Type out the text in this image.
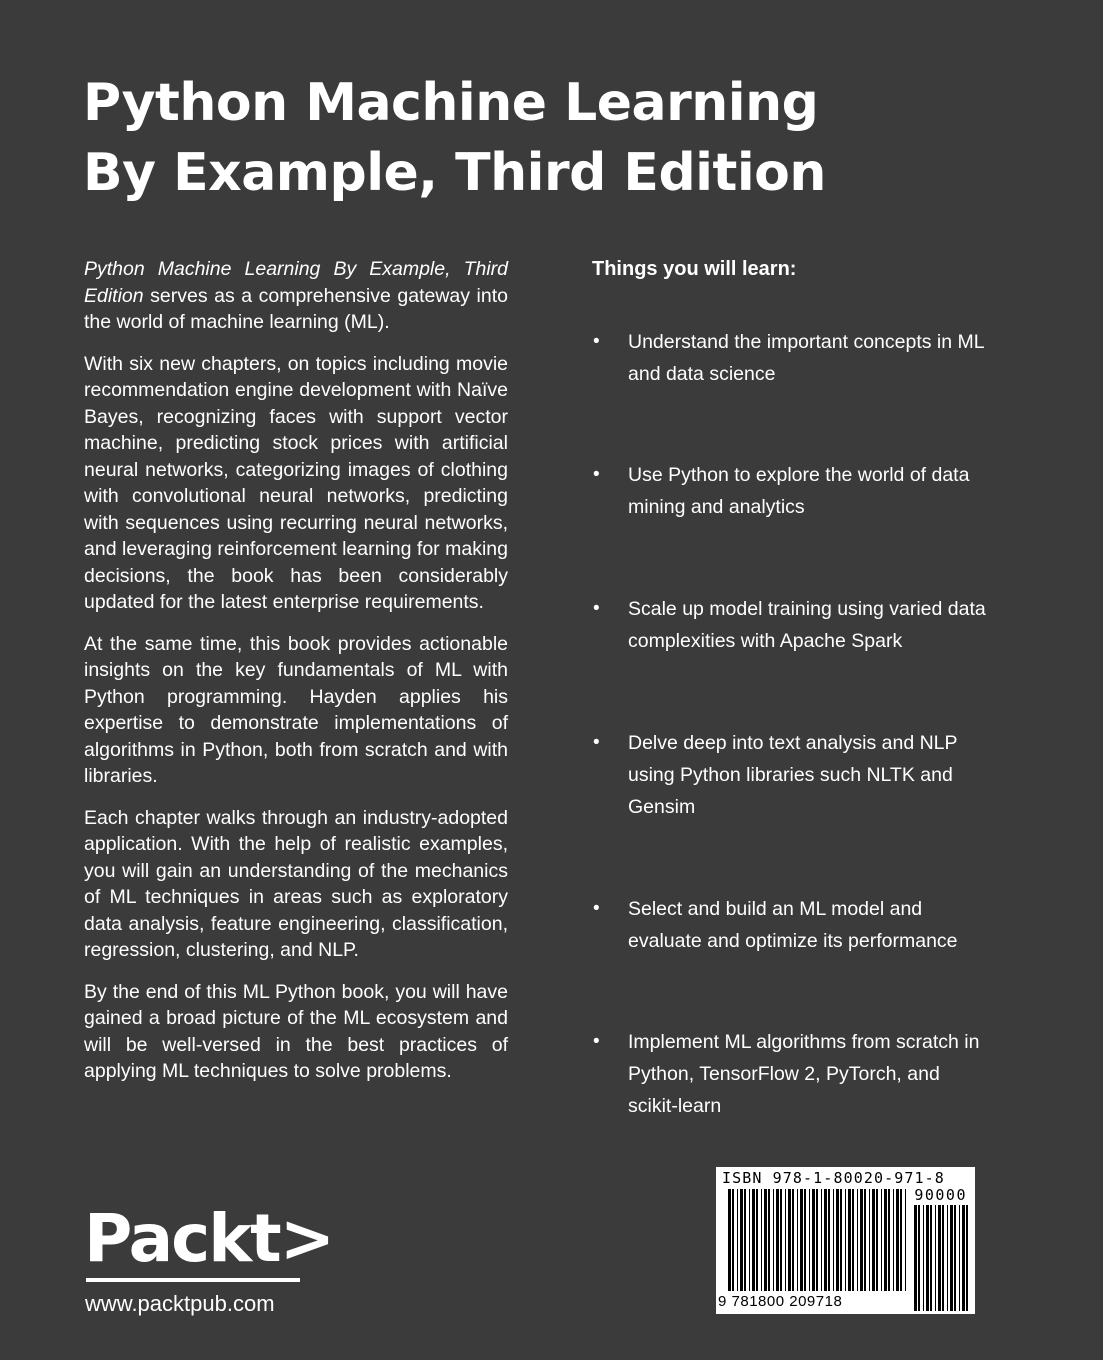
Python Machine Learning
By Example, Third Edition

Python Machine Learning By Example, Third Edition serves as a comprehensive gateway into the world of machine learning (ML).

With six new chapters, on topics including movie recommendation engine development with Naïve Bayes, recognizing faces with support vector machine, predicting stock prices with artificial neural networks, categorizing images of clothing with convolutional neural networks, predicting with sequences using recurring neural networks, and leveraging reinforcement learning for making decisions, the book has been considerably updated for the latest enterprise requirements.

At the same time, this book provides actionable insights on the key fundamentals of ML with Python programming. Hayden applies his expertise to demonstrate implementations of algorithms in Python, both from scratch and with libraries.

Each chapter walks through an industry-adopted application. With the help of realistic examples, you will gain an understanding of the mechanics of ML techniques in areas such as exploratory data analysis, feature engineering, classification, regression, clustering, and NLP.

By the end of this ML Python book, you will have gained a broad picture of the ML ecosystem and will be well-versed in the best practices of applying ML techniques to solve problems.

Things you will learn:
• Understand the important concepts in ML and data science
• Use Python to explore the world of data mining and analytics
• Scale up model training using varied data complexities with Apache Spark
• Delve deep into text analysis and NLP using Python libraries such NLTK and Gensim
• Select and build an ML model and evaluate and optimize its performance
• Implement ML algorithms from scratch in Python, TensorFlow 2, PyTorch, and scikit-learn
Packt>
www.packtpub.com
ISBN 978-1-80020-971-8
90000
9 781800 209718
